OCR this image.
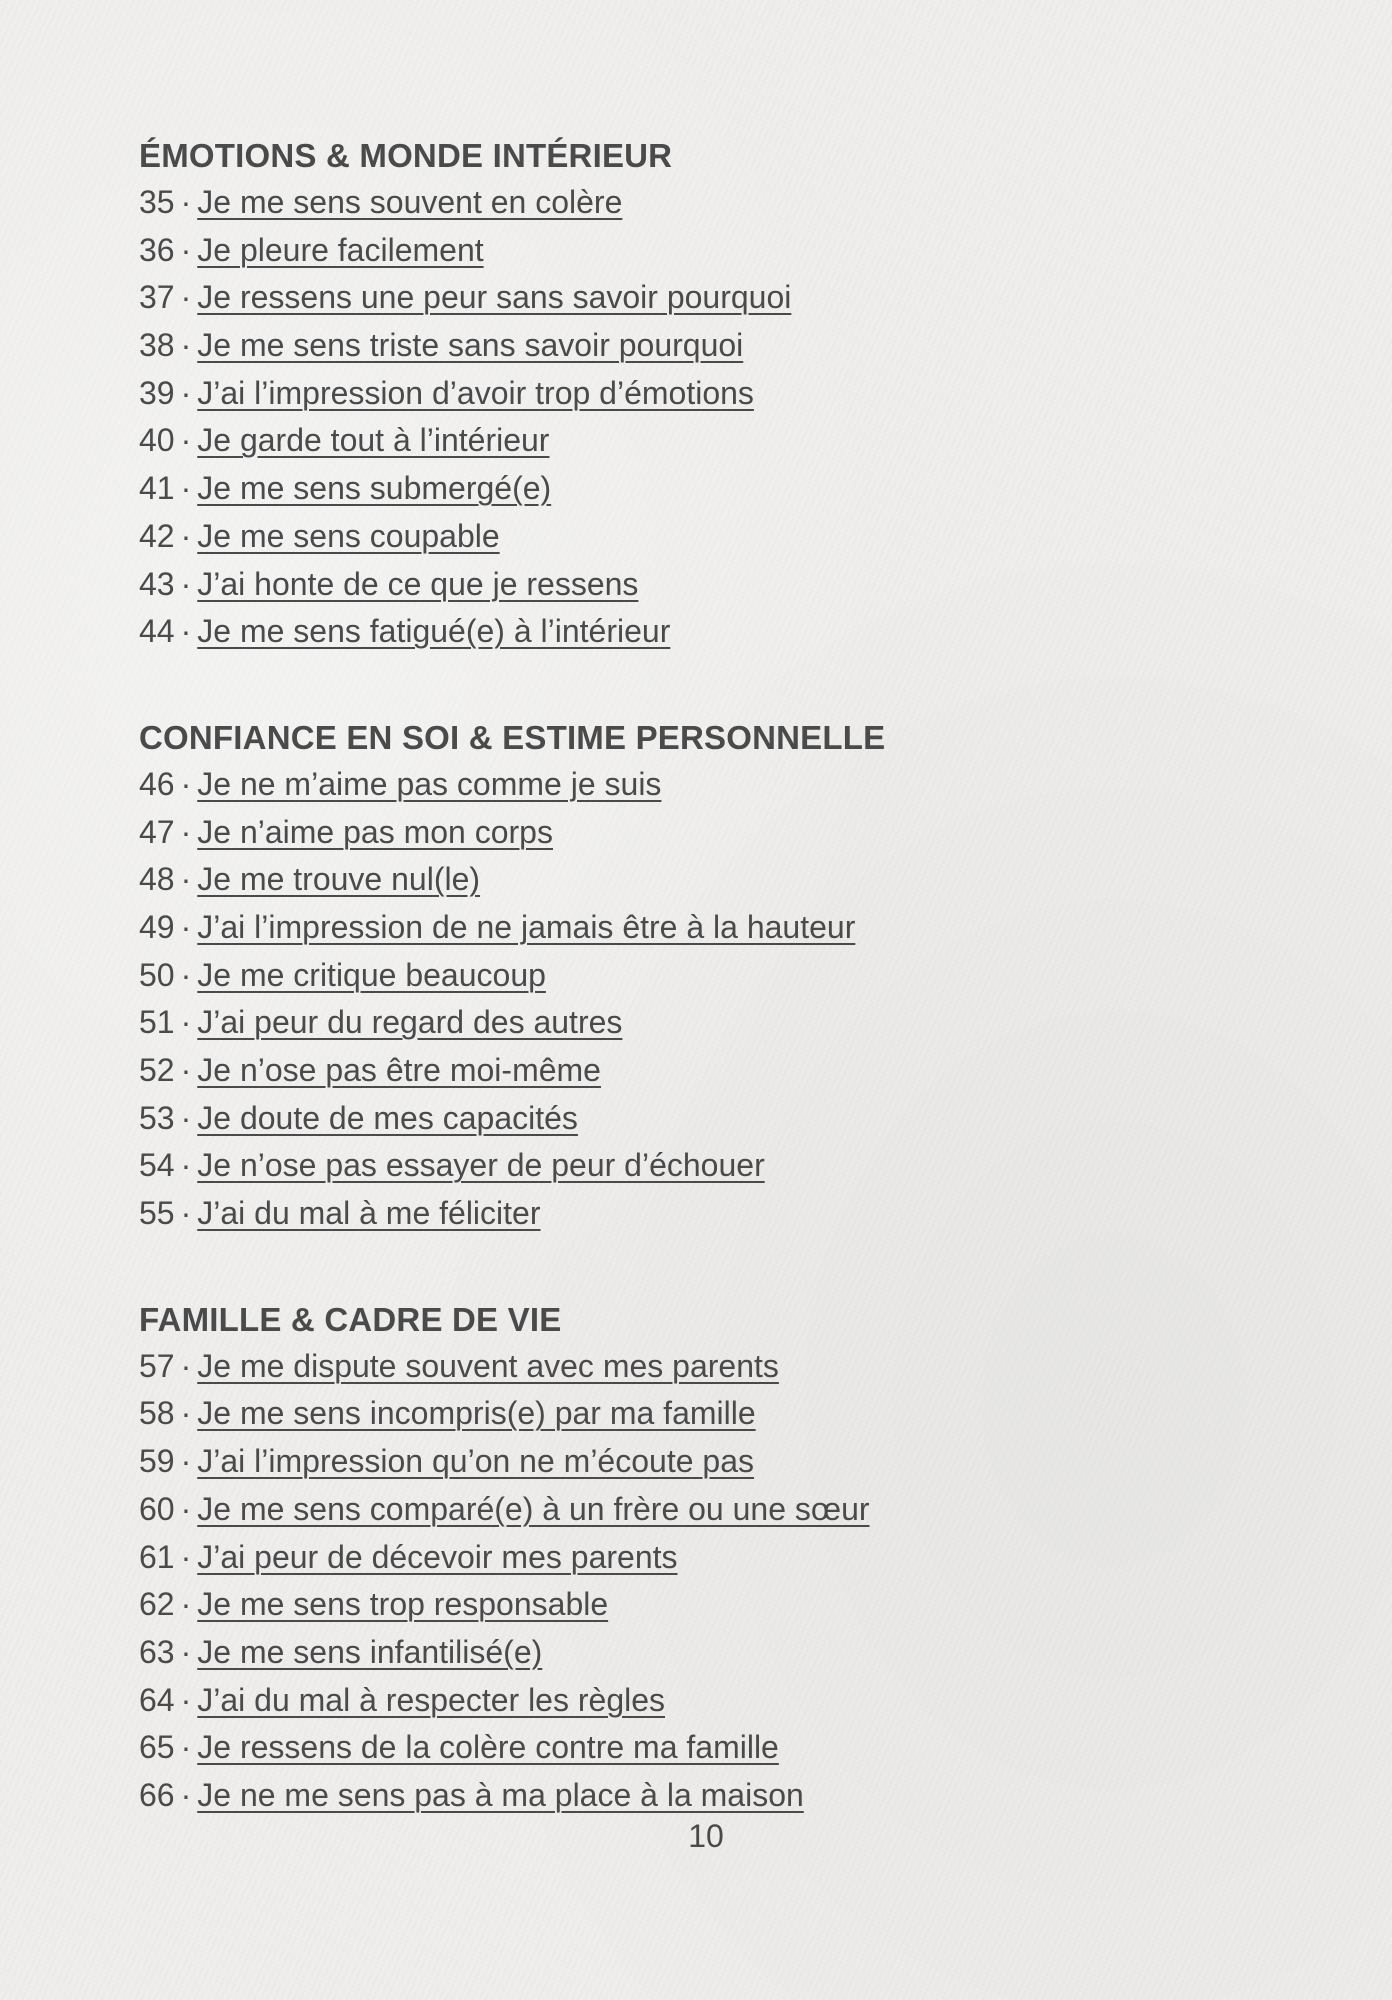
ÉMOTIONS & MONDE INTÉRIEUR
35 · Je me sens souvent en colère
36 · Je pleure facilement
37 · Je ressens une peur sans savoir pourquoi
38 · Je me sens triste sans savoir pourquoi
39 · J’ai l’impression d’avoir trop d’émotions
40 · Je garde tout à l’intérieur
41 · Je me sens submergé(e)
42 · Je me sens coupable
43 · J’ai honte de ce que je ressens
44 · Je me sens fatigué(e) à l’intérieur
CONFIANCE EN SOI & ESTIME PERSONNELLE
46 · Je ne m’aime pas comme je suis
47 · Je n’aime pas mon corps
48 · Je me trouve nul(le)
49 · J’ai l’impression de ne jamais être à la hauteur
50 · Je me critique beaucoup
51 · J’ai peur du regard des autres
52 · Je n’ose pas être moi-même
53 · Je doute de mes capacités
54 · Je n’ose pas essayer de peur d’échouer
55 · J’ai du mal à me féliciter
FAMILLE & CADRE DE VIE
57 · Je me dispute souvent avec mes parents
58 · Je me sens incompris(e) par ma famille
59 · J’ai l’impression qu’on ne m’écoute pas
60 · Je me sens comparé(e) à un frère ou une sœur
61 · J’ai peur de décevoir mes parents
62 · Je me sens trop responsable
63 · Je me sens infantilisé(e)
64 · J’ai du mal à respecter les règles
65 · Je ressens de la colère contre ma famille
66 · Je ne me sens pas à ma place à la maison
10
